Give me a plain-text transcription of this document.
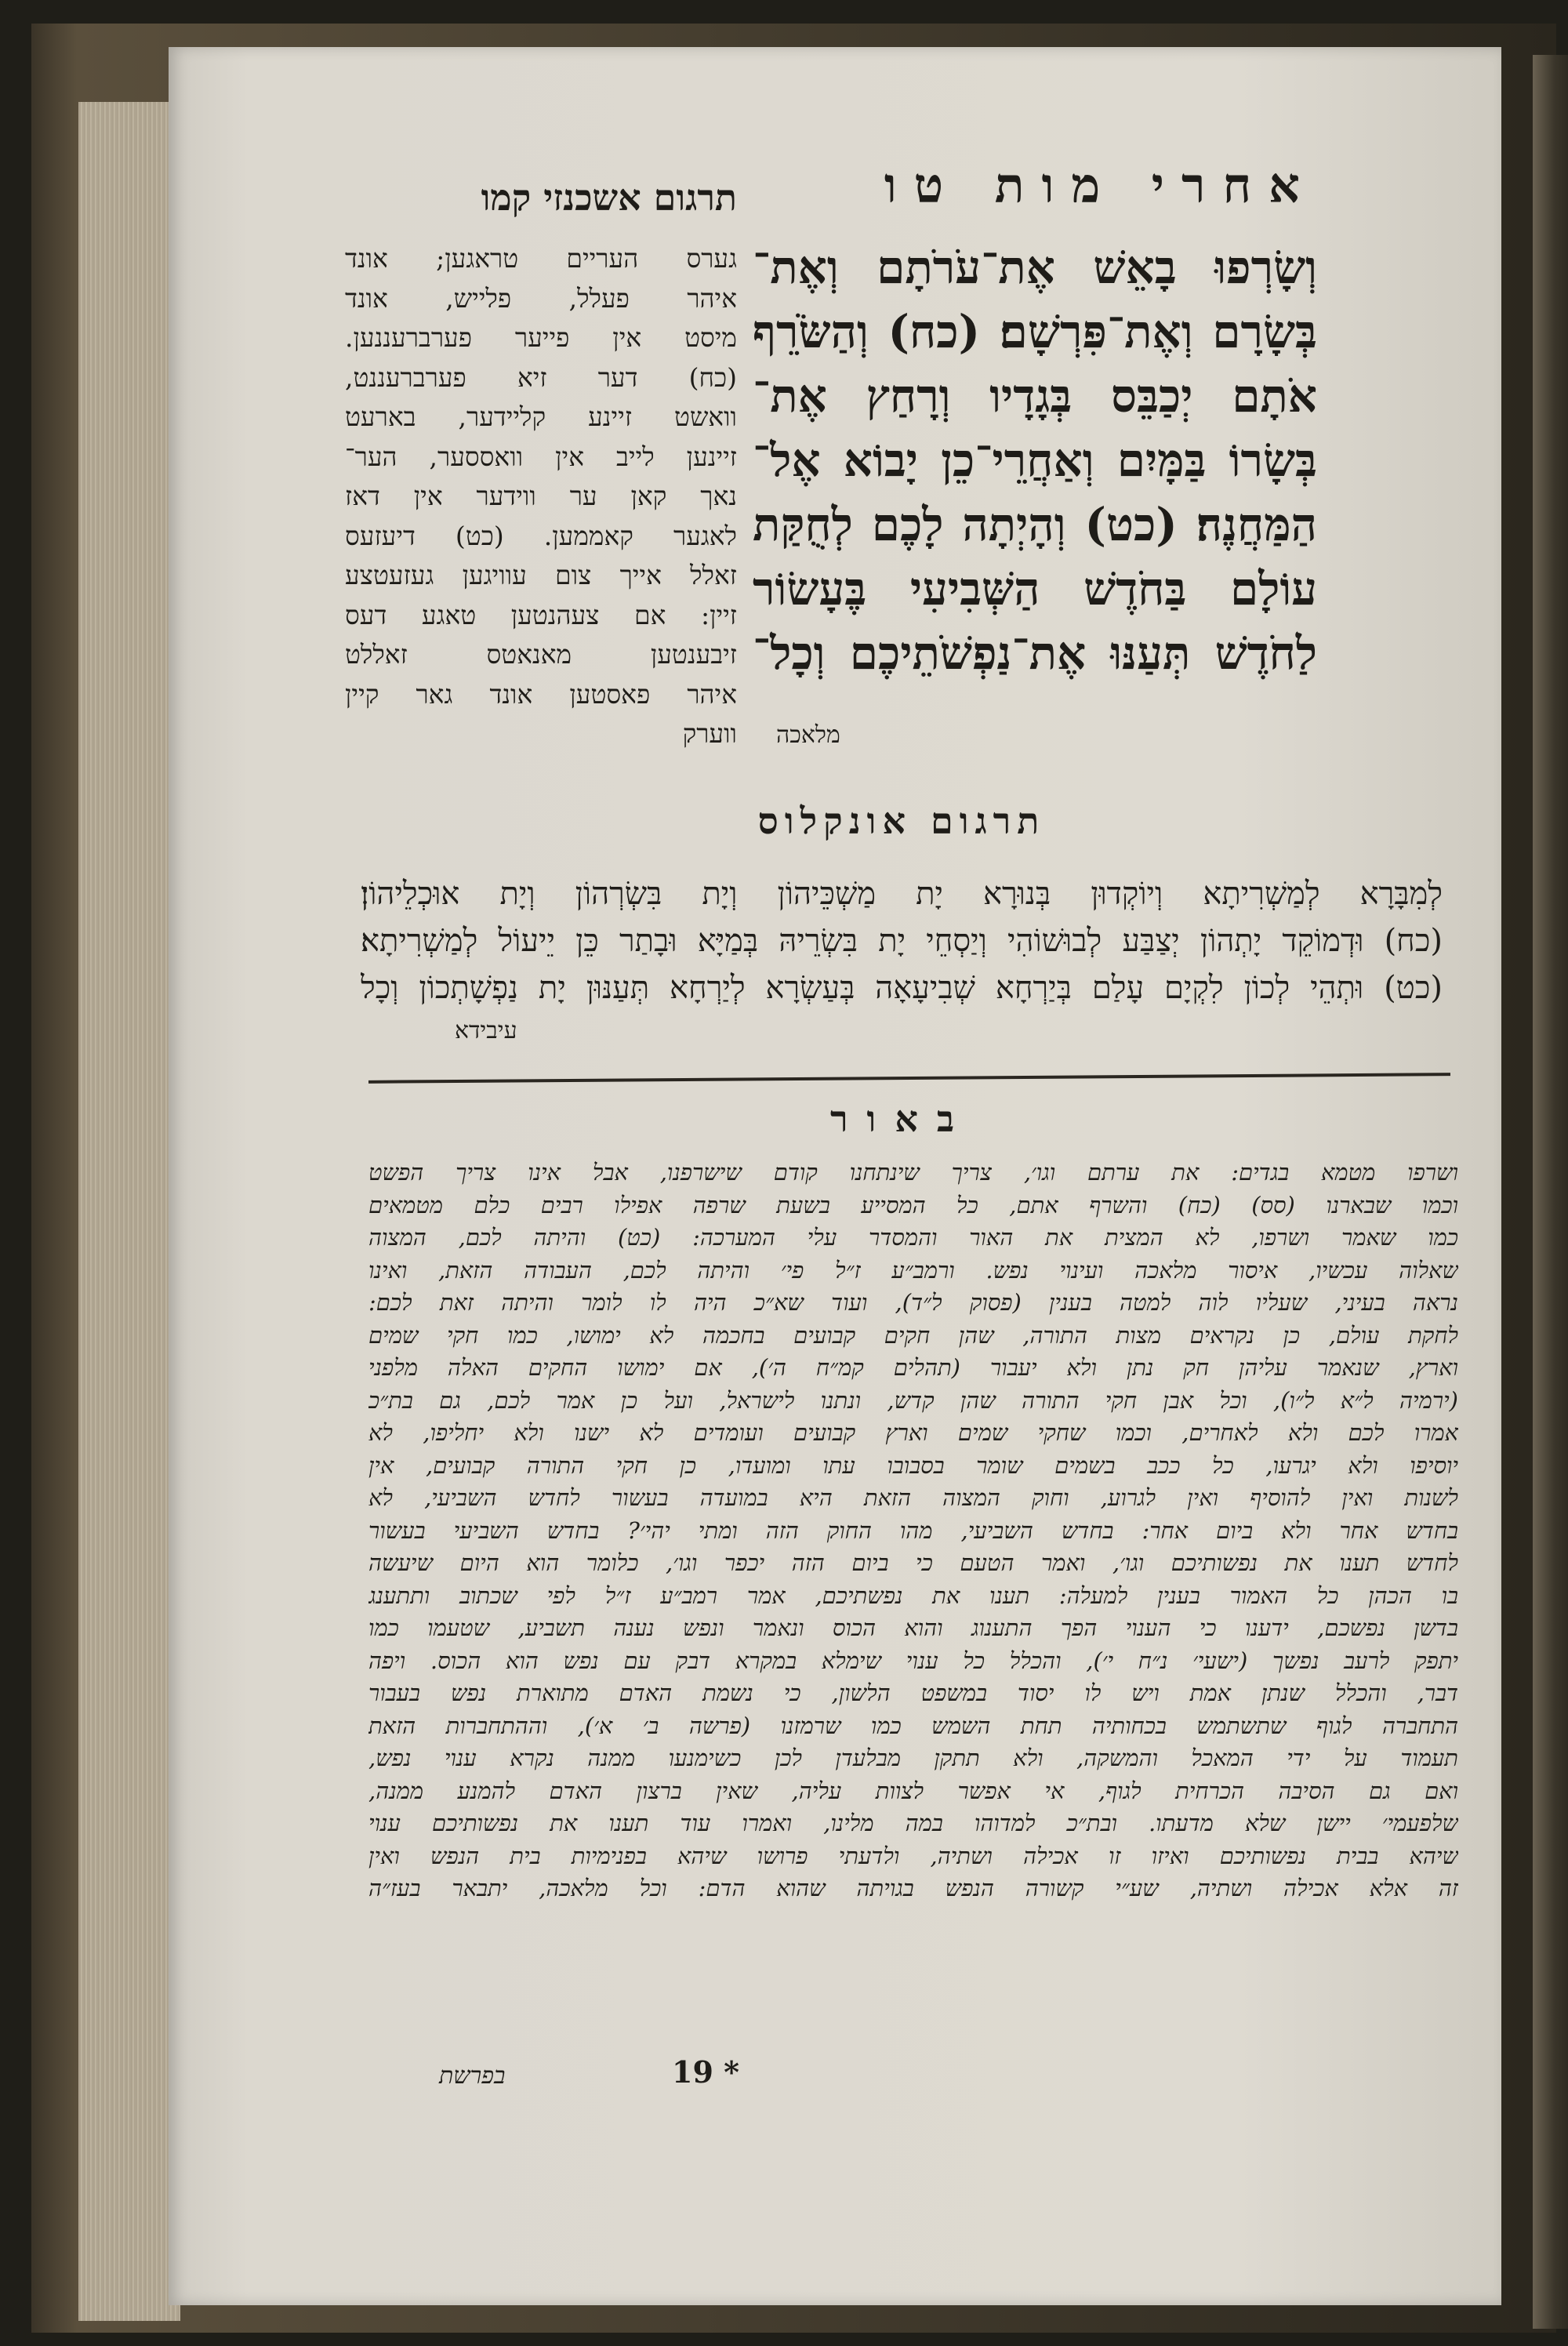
אחרי מות טו
תרגום אשכנזי קמו
וְשָׂרְפוּ בָאֵשׁ אֶת־עֹרֹתָם וְאֶת־
בְּשָׂרָם וְאֶת־פִּרְשָׁם׃ (כח) וְהַשֹּׂרֵף
אֹתָם יְכַבֵּס בְּגָדָיו וְרָחַץ אֶת־
בְּשָׂרוֹ בַּמָּיִם וְאַחֲרֵי־כֵן יָבוֹא אֶל־
הַמַּחֲנֶה׃ (כט) וְהָיְתָה לָכֶם לְחֻקַּת
עוֹלָם בַּחֹדֶשׁ הַשְּׁבִיעִי בֶּעָשׂוֹר
לַחֹדֶשׁ תְּעַנּוּ אֶת־נַפְשֹׁתֵיכֶם וְכָל־
מלאכה
גערס העריים טראגען; אונד
איהר פעלל, פלייש, אונד
מיסט אין פייער פערברעננען.
(כח) דער זיא פערברעננט,
וואשט זיינע קליידער, בארעט
זיינען לייב אין וואססער, הער־
נאך קאן ער ווידער אין דאז
לאגער קאממען. (כט) דיעזעס
זאלל אייך צום עוויגען געזעטצע
זיין: אם צעהנטען טאגע דעס
זיבענטען מאנאטס זאללט
איהר פאסטען אונד גאר קיין
ווערק
תרגום אונקלוס
לְמִבָּרָא לְמַשְׁרִיתָא וְיוֹקְדוּן בְּנוּרָא יָת מַשְׁכֵּיהוֹן וְיָת בִּשְׂרְהוֹן וְיָת אוּכְלֵיהוֹן׃
(כח) וּדְמוֹקֵד יָתְהוֹן יְצַבַּע לְבוּשׁוֹהִי וְיַסְחֵי יָת בִּשְׂרֵיהּ בְּמַיָּא וּבָתַר כֵּן יֵיעוֹל לְמַשְׁרִיתָא׃
(כט) וּתְהֵי לְכוֹן לִקְיָם עָלַם בְּיַרְחָא שְׁבִיעָאָה בְּעַשְׂרָא לְיַרְחָא תְּעַנּוּן יָת נַפְשָׁתְכוֹן וְכָל
עיבידא
באור
ושרפו מטמא בגדים: את ערתם וגו׳, צריך שינתחנו קודם שישרפנו, אבל אינו צריך הפשט
וכמו שבארנו (סס) (כח) והשרף אתם, כל המסייע בשעת שרפה אפילו רבים כלם מטמאים
כמו שאמר ושרפו, לא המצית את האור והמסדר עלי המערכה: (כט) והיתה לכם, המצוה
שאלוה עכשיו, איסור מלאכה ועינוי נפש. ורמב״ע ז״ל פי׳ והיתה לכם, העבודה הזאת, ואינו
נראה בעיני, שעליו לוה למטה בענין (פסוק ל״ד), ועוד שא״כ היה לו לומר והיתה זאת לכם:
לחקת עולם, כן נקראים מצות התורה, שהן חקים קבועים בחכמה לא ימושו, כמו חקי שמים
וארץ, שנאמר עליהן חק נתן ולא יעבור (תהלים קמ״ח ה׳), אם ימושו החקים האלה מלפני
(ירמיה ל״א ל״ו), וכל אבן חקי התורה שהן קדש, ונתנו לישראל, ועל כן אמר לכם, גם בת״כ
אמרו לכם ולא לאחרים, וכמו שחקי שמים וארץ קבועים ועומדים לא ישנו ולא יחליפו, לא
יוסיפו ולא יגרעו, כל ככב בשמים שומר בסבובו עתו ומועדו, כן חקי התורה קבועים, אין
לשנות ואין להוסיף ואין לגרוע, וחוק המצוה הזאת היא במועדה בעשור לחדש השביעי, לא
בחדש אחר ולא ביום אחר: בחדש השביעי, מהו החוק הזה ומתי יהי׳? בחדש השביעי בעשור
לחדש תענו את נפשותיכם וגו׳, ואמר הטעם כי ביום הזה יכפר וגו׳, כלומר הוא היום שיעשה
בו הכהן כל האמור בענין למעלה: תענו את נפשתיכם, אמר רמב״ע ז״ל לפי שכתוב ותתענג
בדשן נפשכם, ידענו כי הענוי הפך התענוג והוא הכוס ונאמר ונפש נענה תשביע, שטעמו כמו
יתפק לרעב נפשך (ישעי׳ נ״ח י׳), והכלל כל ענוי שימלא במקרא דבק עם נפש הוא הכוס. ויפה
דבר, והכלל שנתן אמת ויש לו יסוד במשפט הלשון, כי נשמת האדם מתוארת נפש בעבור
התחברה לגוף שתשתמש בכחותיה תחת השמש כמו שרמזנו (פרשה ב׳ א׳), וההתחברות הזאת
תעמוד על ידי המאכל והמשקה, ולא תתקן מבלעדן לכן כשימנעו ממנה נקרא ענוי נפש,
ואם גם הסיבה הכרחית לגוף, אי אפשר לצוות עליה, שאין ברצון האדם להמנע ממנה,
שלפעמי׳ יישן שלא מדעתו. ובת״כ למדוהו במה מלינו, ואמרו עוד תענו את נפשותיכם ענוי
שיהא בבית נפשותיכם ואיזו זו אכילה ושתיה, ולדעתי פרושו שיהא בפנימיות בית הנפש ואין
זה אלא אכילה ושתיה, שע״י קשורה הנפש בגויתה שהוא הדם: וכל מלאכה, יתבאר בעז״ה
בפרשת	19 *
